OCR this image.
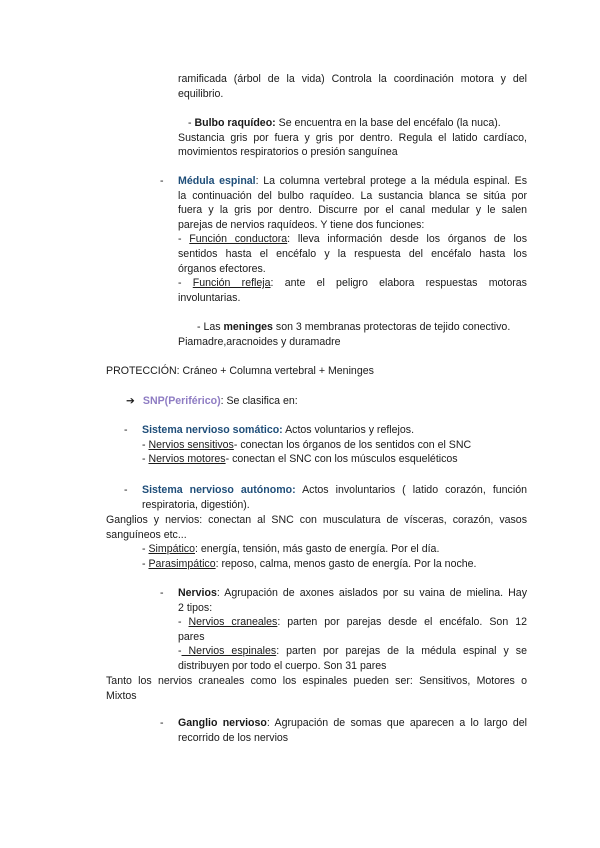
ramificada (árbol de la vida) Controla la coordinación motora y del
equilibrio.
- Bulbo raquídeo: Se encuentra en la base del encéfalo (la nuca).
Sustancia gris por fuera y gris por dentro. Regula el latido cardíaco,
movimientos respiratorios o presión sanguínea
- Médula espinal: La columna vertebral protege a la médula espinal. Es
la continuación del bulbo raquídeo. La sustancia blanca se sitúa por
fuera y la gris por dentro. Discurre por el canal medular y le salen
parejas de nervios raquídeos. Y tiene dos funciones:
- Función conductora: lleva información desde los órganos de los
sentidos hasta el encéfalo y la respuesta del encéfalo hasta los
órganos efectores.
- Función refleja: ante el peligro elabora respuestas motoras
involuntarias.
- Las meninges son 3 membranas protectoras de tejido conectivo.
Piamadre,aracnoides y duramadre
PROTECCIÓN: Cráneo + Columna vertebral + Meninges
➔ SNP(Periférico): Se clasifica en:
- Sistema nervioso somático: Actos voluntarios y reflejos.
- Nervios sensitivos- conectan los órganos de los sentidos con el SNC
- Nervios motores- conectan el SNC con los músculos esqueléticos
- Sistema nervioso autónomo: Actos involuntarios ( latido corazón, función
respiratoria, digestión).
Ganglios y nervios: conectan al SNC con musculatura de vísceras, corazón, vasos
sanguíneos etc...
- Simpático: energía, tensión, más gasto de energía. Por el día.
- Parasimpático: reposo, calma, menos gasto de energía. Por la noche.
- Nervios: Agrupación de axones aislados por su vaina de mielina. Hay
2 tipos:
- Nervios craneales: parten por parejas desde el encéfalo. Son 12
pares
- Nervios espinales: parten por parejas de la médula espinal y se
distribuyen por todo el cuerpo. Son 31 pares
Tanto los nervios craneales como los espinales pueden ser: Sensitivos, Motores o
Mixtos
- Ganglio nervioso: Agrupación de somas que aparecen a lo largo del
recorrido de los nervios
